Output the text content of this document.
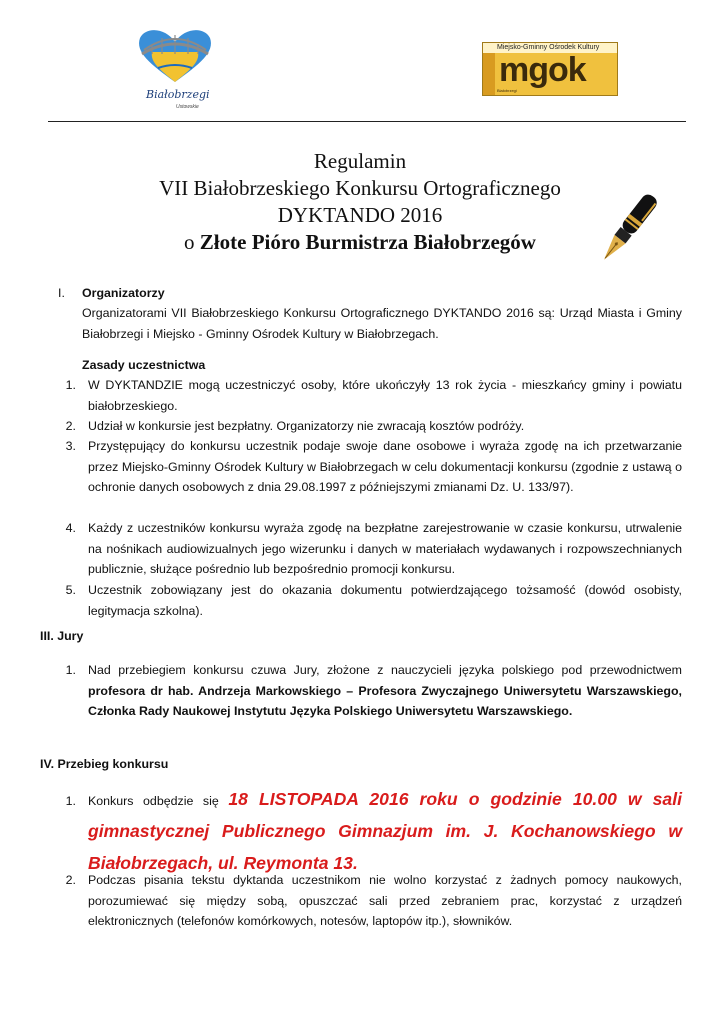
Białobrzegi
Ustowskie
Miejsko-Gminny Ośrodek Kultury
mgok
Białobrzegi
Regulamin
VII Białobrzeskiego Konkursu Ortograficznego
DYKTANDO 2016
o Złote Pióro Burmistrza Białobrzegów
I. Organizatorzy
Organizatorami VII Białobrzeskiego Konkursu Ortograficznego DYKTANDO 2016 są: Urząd Miasta i Gminy Białobrzegi i Miejsko - Gminny Ośrodek Kultury w Białobrzegach.
Zasady uczestnictwa
1. W DYKTANDZIE mogą uczestniczyć osoby, które ukończyły 13 rok życia - mieszkańcy gminy i powiatu białobrzeskiego.
2. Udział w konkursie jest bezpłatny. Organizatorzy nie zwracają kosztów podróży.
3. Przystępujący do konkursu uczestnik podaje swoje dane osobowe i wyraża zgodę na ich przetwarzanie przez Miejsko-Gminny Ośrodek Kultury w Białobrzegach w celu dokumentacji konkursu (zgodnie z ustawą o ochronie danych osobowych z dnia 29.08.1997 z późniejszymi zmianami Dz. U. 133/97).
4. Każdy z uczestników konkursu wyraża zgodę na bezpłatne zarejestrowanie w czasie konkursu, utrwalenie na nośnikach audiowizualnych jego wizerunku i danych w materiałach wydawanych i rozpowszechnianych publicznie, służące pośrednio lub bezpośrednio promocji konkursu.
5. Uczestnik zobowiązany jest do okazania dokumentu potwierdzającego tożsamość (dowód osobisty, legitymacja szkolna).
III. Jury
1. Nad przebiegiem konkursu czuwa Jury, złożone z nauczycieli języka polskiego pod przewodnictwem profesora dr hab. Andrzeja Markowskiego – Profesora Zwyczajnego Uniwersytetu Warszawskiego, Członka Rady Naukowej Instytutu Języka Polskiego Uniwersytetu Warszawskiego.
IV. Przebieg konkursu
1. Konkurs odbędzie się 18 LISTOPADA 2016 roku o godzinie 10.00 w sali gimnastycznej Publicznego Gimnazjum im. J. Kochanowskiego w Białobrzegach, ul. Reymonta 13.
2. Podczas pisania tekstu dyktanda uczestnikom nie wolno korzystać z żadnych pomocy naukowych, porozumiewać się między sobą, opuszczać sali przed zebraniem prac, korzystać z urządzeń elektronicznych (telefonów komórkowych, notesów, laptopów itp.), słowników.
